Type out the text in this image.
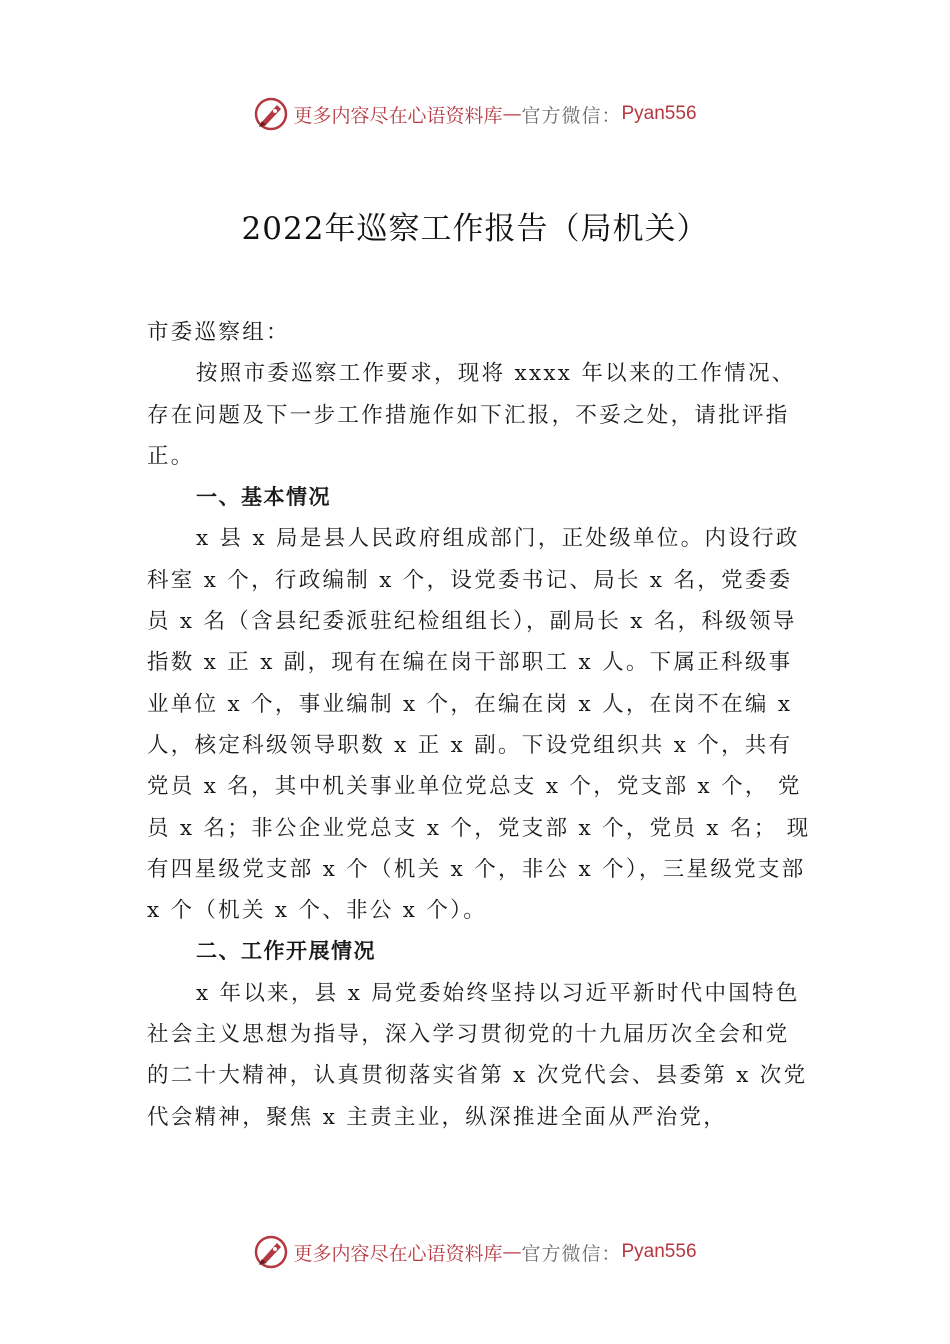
更多内容尽在心语资料库 — 官方微信： Pyan556
2022年巡察工作报告（局机关）

市委巡察组：

按照市委巡察工作要求，现将 xxxx 年以来的工作情况、存在问题及下一步工作措施作如下汇报，不妥之处，请批评指正。

一、基本情况

x 县 x 局是县人民政府组成部门，正处级单位。内设行政科室 x 个，行政编制 x 个，设党委书记、局长 x 名，党委委员 x 名（含县纪委派驻纪检组组长），副局长 x 名，科级领导指数 x 正 x 副，现有在编在岗干部职工 x 人。下属正科级事业单位 x 个，事业编制 x 个，在编在岗 x 人，在岗不在编 x 人，核定科级领导职数 x 正 x 副。下设党组织共 x 个，共有党员 x 名，其中机关事业单位党总支 x 个，党支部 x 个， 党员 x 名；非公企业党总支 x 个，党支部 x 个，党员 x 名； 现有四星级党支部 x 个（机关 x 个，非公 x 个），三星级党支部 x 个（机关 x 个、非公 x 个）。

二、工作开展情况

x 年以来，县 x 局党委始终坚持以习近平新时代中国特色社会主义思想为指导，深入学习贯彻党的十九届历次全会和党的二十大精神，认真贯彻落实省第 x 次党代会、县委第 x 次党代会精神，聚焦 x 主责主业，纵深推进全面从严治党，

更多内容尽在心语资料库 — 官方微信： Pyan556
